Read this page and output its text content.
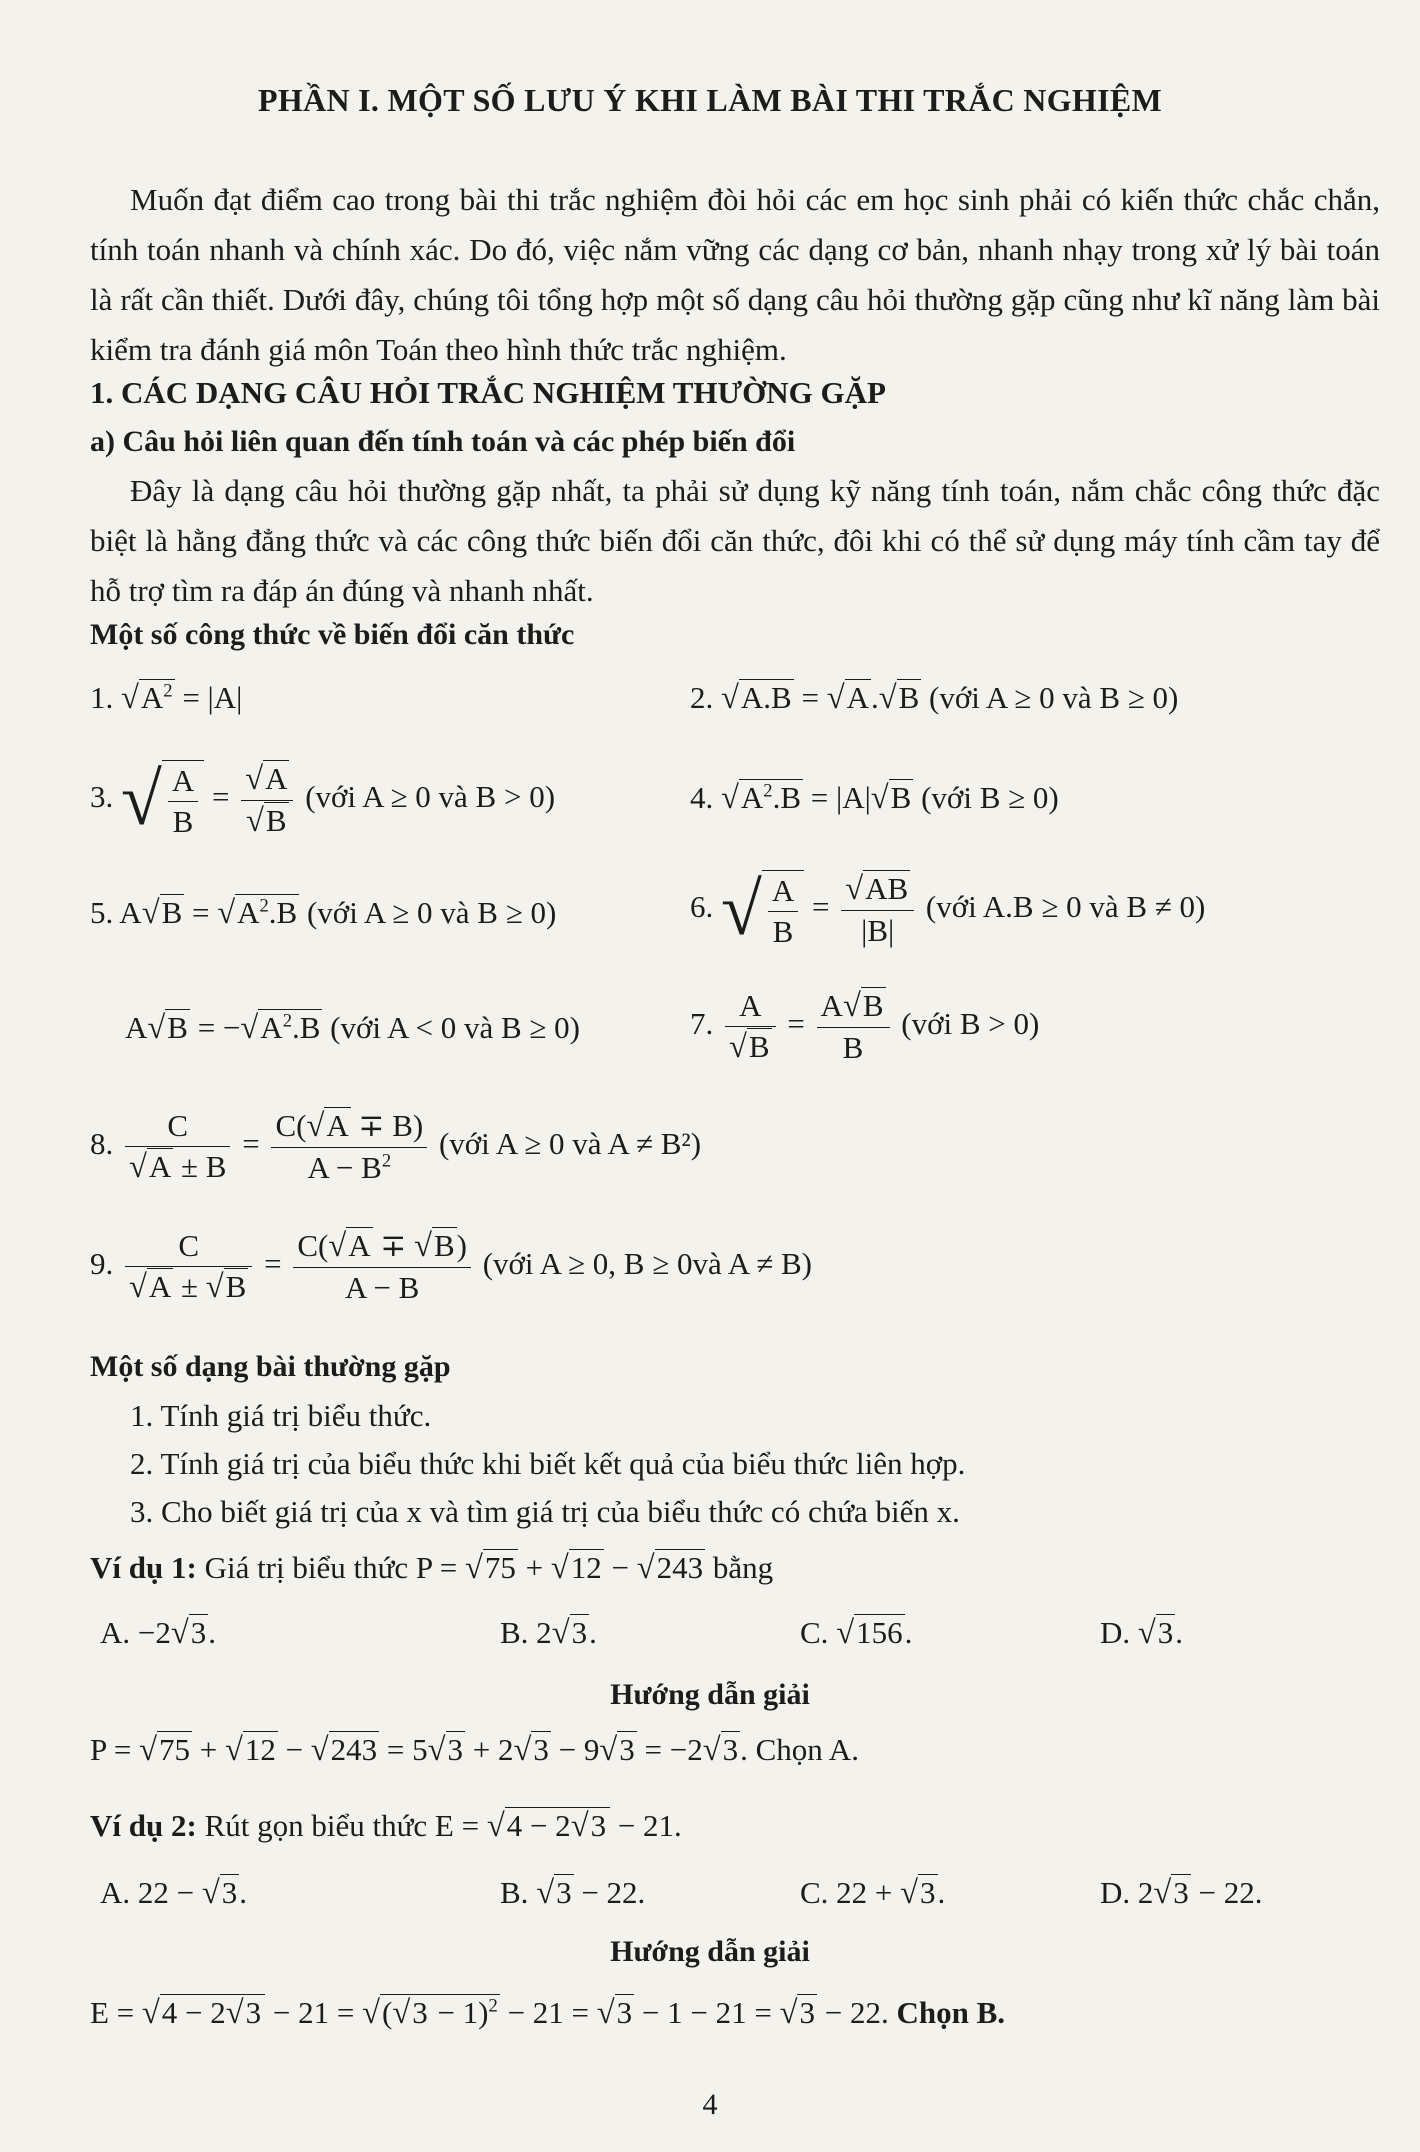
PHẦN I. MỘT SỐ LƯU Ý KHI LÀM BÀI THI TRẮC NGHIỆM
Muốn đạt điểm cao trong bài thi trắc nghiệm đòi hỏi các em học sinh phải có kiến thức chắc chắn, tính toán nhanh và chính xác. Do đó, việc nắm vững các dạng cơ bản, nhanh nhạy trong xử lý bài toán là rất cần thiết. Dưới đây, chúng tôi tổng hợp một số dạng câu hỏi thường gặp cũng như kĩ năng làm bài kiểm tra đánh giá môn Toán theo hình thức trắc nghiệm.
1. CÁC DẠNG CÂU HỎI TRẮC NGHIỆM THƯỜNG GẶP
a) Câu hỏi liên quan đến tính toán và các phép biến đổi
Đây là dạng câu hỏi thường gặp nhất, ta phải sử dụng kỹ năng tính toán, nắm chắc công thức đặc biệt là hằng đẳng thức và các công thức biến đổi căn thức, đôi khi có thể sử dụng máy tính cầm tay để hỗ trợ tìm ra đáp án đúng và nhanh nhất.
Một số công thức về biến đổi căn thức
1. $√A^2 = |A|$	2. √A.B = √A.√B (với A ≥ 0 và B ≥ 0)
3. √ $\frac{A}{B} = \frac{√A}{√B}$ (với A ≥ 0 và B > 0)	4. $√A^2.B = |A|√B$ (với B ≥ 0)
5. $A√B = √A^2.B$ (với A ≥ 0 và B ≥ 0)	6. √ $\frac{A}{B} = \frac{√AB}{|B|}$ (với A.B ≥ 0 và B ≠ 0)
$A√B = -√A^2.B$ (với A < 0 và B ≥ 0)	7. $\frac{A}{√B} = \frac{A√B}{B}$ (với B > 0)
8. $\frac{C}{√A \pm B} = \frac{C(√A \mp B)}{A - B^2}$ (với A ≥ 0 và A ≠ B²)
9. $\frac{C}{√A \pm √B} = \frac{C(√A \mp √B)}{A - B}$ (với A ≥ 0, B ≥ 0và A ≠ B)
Một số dạng bài thường gặp
1. Tính giá trị biểu thức.
2. Tính giá trị của biểu thức khi biết kết quả của biểu thức liên hợp.
3. Cho biết giá trị của x và tìm giá trị của biểu thức có chứa biến x.
Ví dụ 1: Giá trị biểu thức P = √75 + √12 − √243 bằng
A. −2√3.	B. 2√3.	C. √156.	D. √3.
Hướng dẫn giải
P = √75 + √12 − √243 = 5√3 + 2√3 − 9√3 = −2√3. Chọn A.
Ví dụ 2: Rút gọn biểu thức E = √4 − 2√3 − 21.
A. 22 − √3.	B. √3 − 22.	C. 22 + √3.	D. 2√3 − 22.
Hướng dẫn giải
$E = √4 - 2√3 - 21 = √(√3 - 1)^2 - 21 = √3 - 1 - 21 = √3 - 22$. Chọn B.
4
